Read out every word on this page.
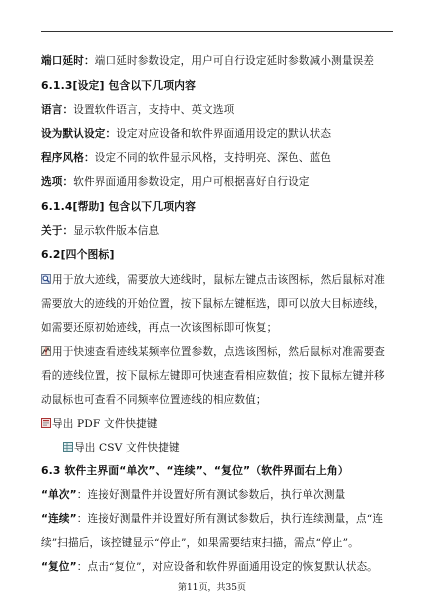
端口延时：端口延时参数设定，用户可自行设定延时参数减小测量误差
6.1.3[设定] 包含以下几项内容
语言：设置软件语言，支持中、英文选项
设为默认设定：设定对应设备和软件界面通用设定的默认状态
程序风格：设定不同的软件显示风格，支持明亮、深色、蓝色
选项：软件界面通用参数设定，用户可根据喜好自行设定
6.1.4[帮助] 包含以下几项内容
关于：显示软件版本信息
6.2[四个图标]
用于放大迹线，需要放大迹线时，鼠标左键点击该图标，然后鼠标对准
需要放大的迹线的开始位置，按下鼠标左键框选，即可以放大目标迹线，
如需要还原初始迹线，再点一次该图标即可恢复；
用于快速查看迹线某频率位置参数，点选该图标，然后鼠标对准需要查
看的迹线位置，按下鼠标左键即可快速查看相应数值；按下鼠标左键并移
动鼠标也可查看不同频率位置迹线的相应数值；
导出 PDF 文件快捷键
导出 CSV 文件快捷键
6.3 软件主界面“单次”、“连续”、“复位”（软件界面右上角）
“单次”：连接好测量件并设置好所有测试参数后，执行单次测量
“连续”：连接好测量件并设置好所有测试参数后，执行连续测量，点“连
续”扫描后，该控键显示“停止”，如果需要结束扫描，需点“停止”。
“复位”：点击“复位”，对应设备和软件界面通用设定的恢复默认状态。
第11页，共35页
